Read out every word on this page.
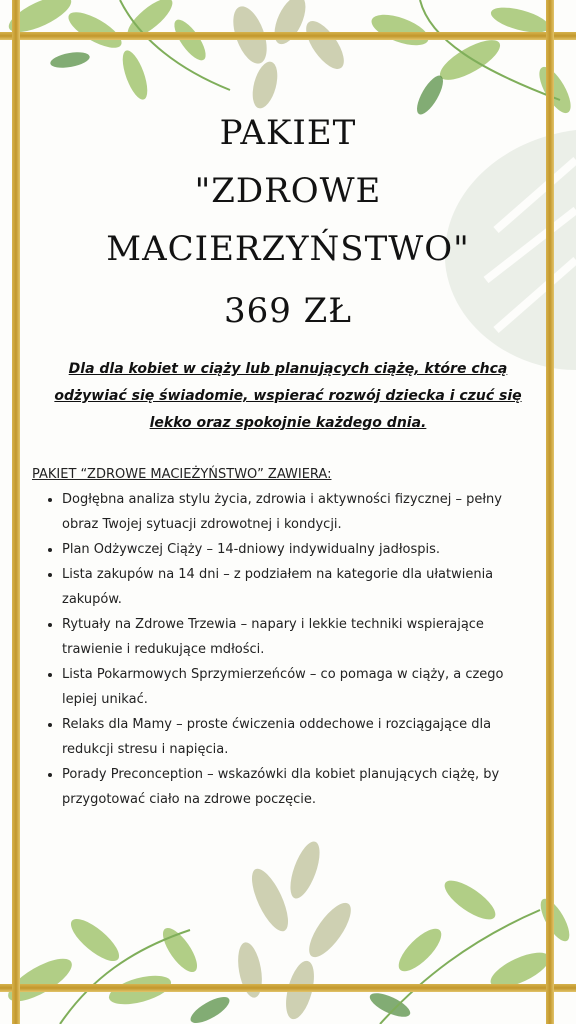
PAKIET
"ZDROWE
MACIERZYŃSTWO"
369 ZŁ
Dla dla kobiet w ciąży lub planujących ciążę, które chcą odżywiać się świadomie, wspierać rozwój dziecka i czuć się lekko oraz spokojnie każdego dnia.
PAKIET “ZDROWE MACIEŻYŃSTWO” ZAWIERA:
• Dogłębna analiza stylu życia, zdrowia i aktywności fizycznej – pełny obraz Twojej sytuacji zdrowotnej i kondycji.
• Plan Odżywczej Ciąży – 14-dniowy indywidualny jadłospis.
• Lista zakupów na 14 dni – z podziałem na kategorie dla ułatwienia zakupów.
• Rytuały na Zdrowe Trzewia – napary i lekkie techniki wspierające trawienie i redukujące mdłości.
• Lista Pokarmowych Sprzymierzeńców – co pomaga w ciąży, a czego lepiej unikać.
• Relaks dla Mamy – proste ćwiczenia oddechowe i rozciągające dla redukcji stresu i napięcia.
• Porady Preconception – wskazówki dla kobiet planujących ciążę, by przygotować ciało na zdrowe poczęcie.
